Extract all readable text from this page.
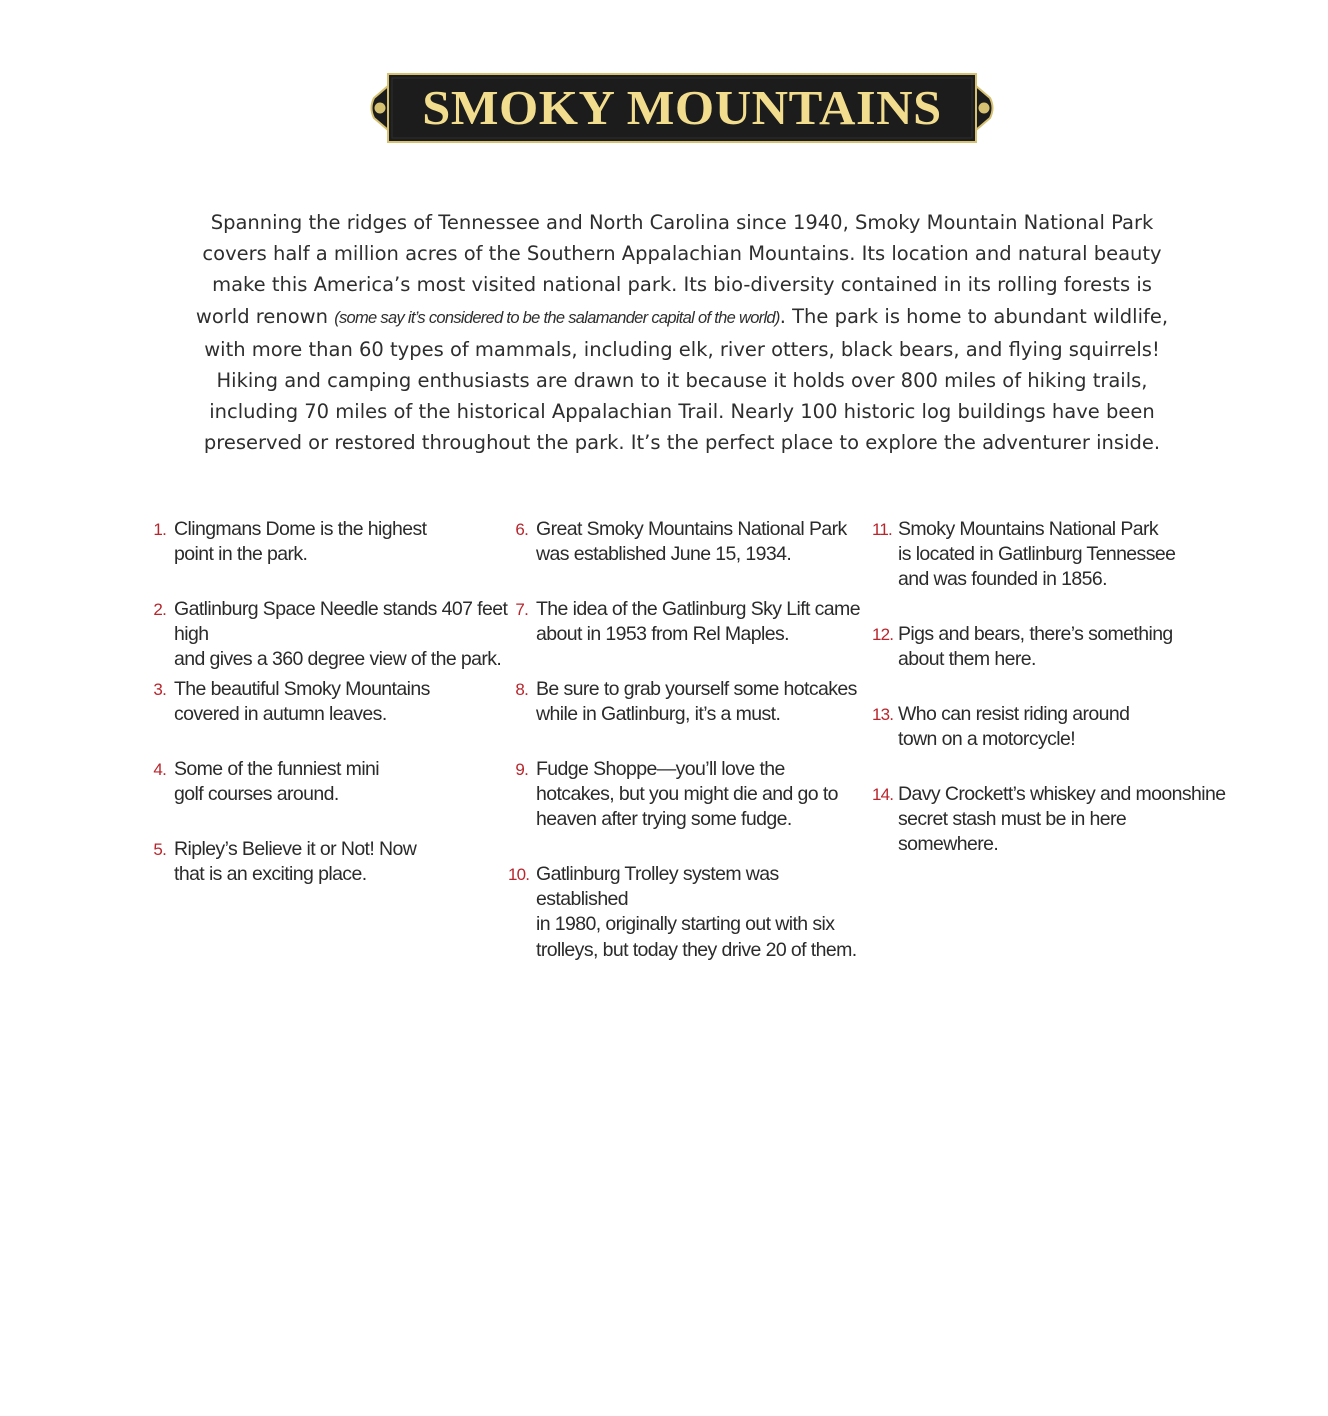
SMOKY MOUNTAINS

Spanning the ridges of Tennessee and North Carolina since 1940, Smoky Mountain National Park covers half a million acres of the Southern Appalachian Mountains. Its location and natural beauty make this America’s most visited national park. Its bio-diversity contained in its rolling forests is world renown (some say it’s considered to be the salamander capital of the world). The park is home to abundant wildlife, with more than 60 types of mammals, including elk, river otters, black bears, and flying squirrels! Hiking and camping enthusiasts are drawn to it because it holds over 800 miles of hiking trails, including 70 miles of the historical Appalachian Trail. Nearly 100 historic log buildings have been preserved or restored throughout the park. It’s the perfect place to explore the adventurer inside.

1. Clingmans Dome is the highest
point in the park.
2. Gatlinburg Space Needle stands 407 feet high
and gives a 360 degree view of the park.
3. The beautiful Smoky Mountains
covered in autumn leaves.
4. Some of the funniest mini
golf courses around.
5. Ripley’s Believe it or Not! Now
that is an exciting place.
6. Great Smoky Mountains National Park
was established June 15, 1934.
7. The idea of the Gatlinburg Sky Lift came
about in 1953 from Rel Maples.
8. Be sure to grab yourself some hotcakes
while in Gatlinburg, it’s a must.
9. Fudge Shoppe—you’ll love the
hotcakes, but you might die and go to
heaven after trying some fudge.
10. Gatlinburg Trolley system was established
in 1980, originally starting out with six
trolleys, but today they drive 20 of them.
11. Smoky Mountains National Park
is located in Gatlinburg Tennessee
and was founded in 1856.
12. Pigs and bears, there’s something
about them here.
13. Who can resist riding around
town on a motorcycle!
14. Davy Crockett’s whiskey and moonshine
secret stash must be in here somewhere.
